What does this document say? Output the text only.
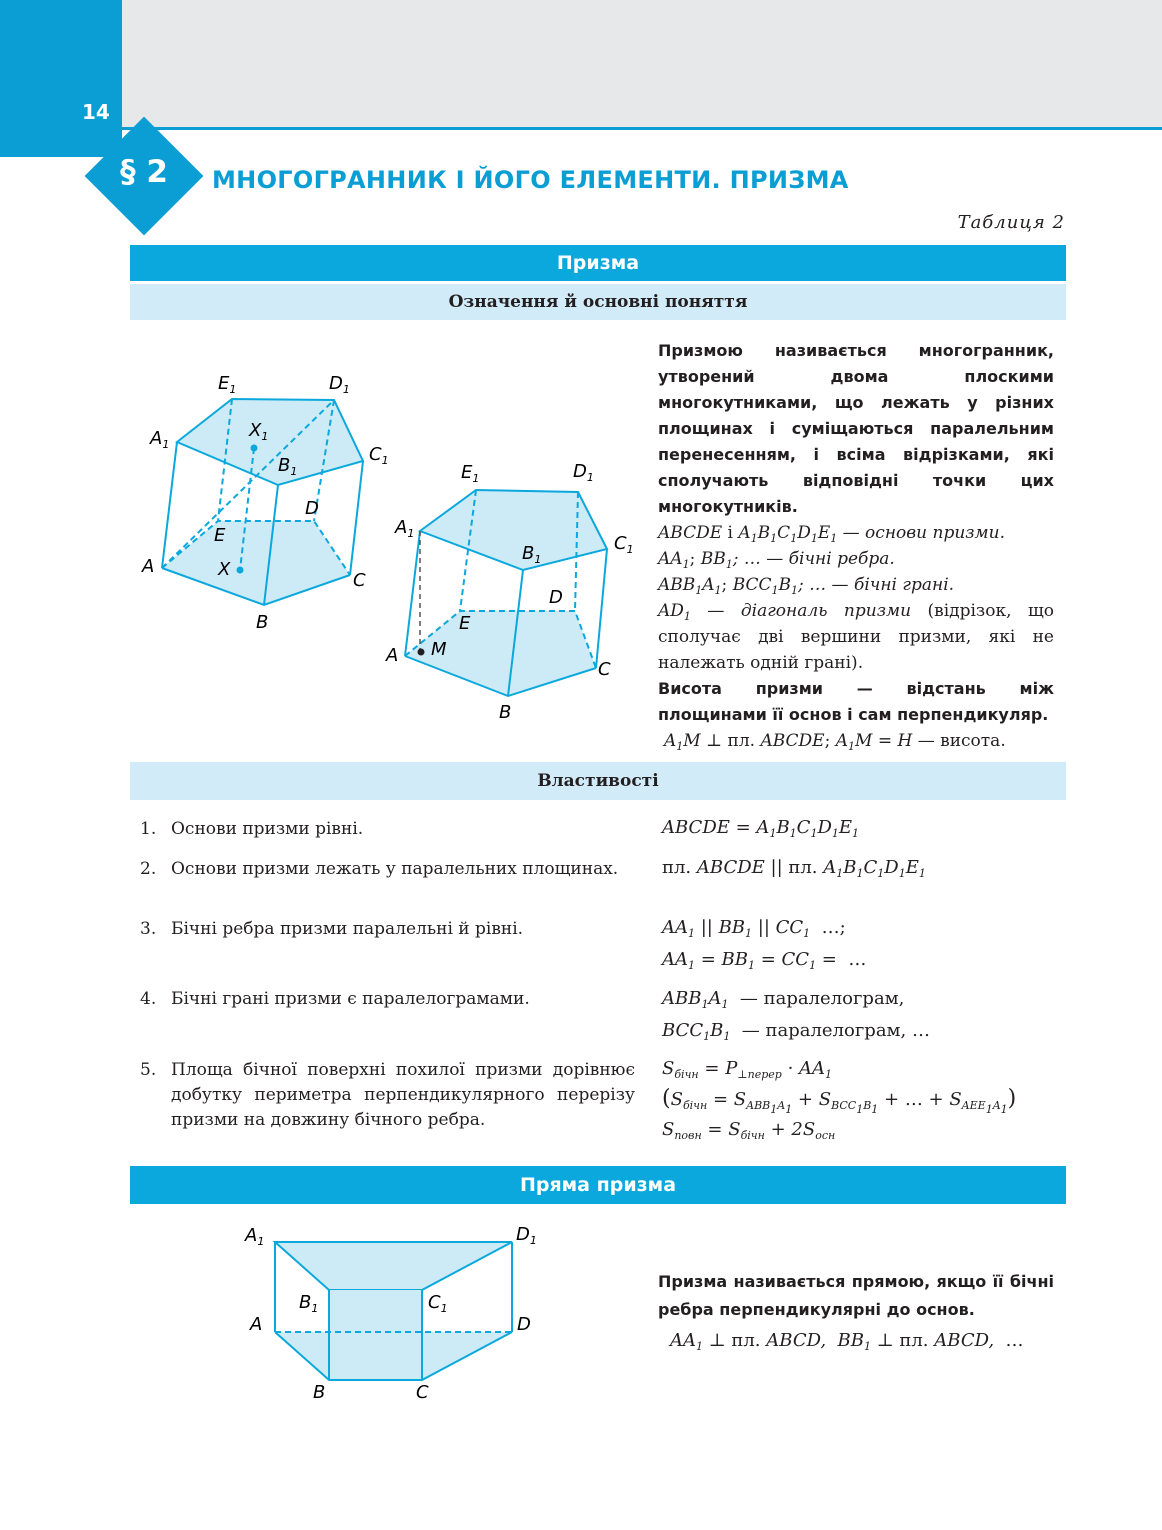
14
§ 2	МНОГОГРАННИК І ЙОГО ЕЛЕМЕНТИ. ПРИЗМА
Таблиця 2
Призма
Означення й основні поняття
$E_1$	$D_1$
$A_1$	$C_1$
$X_1$
$B_1$
D
E
A	X
C
B
$E_1$	$D_1$
$A_1$	$C_1$
$B_1$
D
E
A M
C
B

Призмою називається многогранник, утворений двома плоскими многокутниками, що лежать у різних площинах і суміщаються паралельним перенесенням, і всіма відрізками, які сполучають відповідні точки цих многокутників.

ABCDE і $A_1B_1C_1D_1E_1$ — основи призми.

$AA_1$; $BB_1$; … — бічні ребра.

$ABB_1A_1$; $BCC_1B_1$; … — бічні грані.

$AD_1$ — діагональ призми (відрізок, що сполучає дві вершини призми, які не належать одній грані).

Висота призми — відстань між площинами її основ і сам перпендикуляр.

$A_1M$ ⊥ пл. ABCDE; $A_1M = H$ — висота.

Властивості
1. Основи призми рівні.	ABCDE = $A_1B_1C_1D_1E_1$
2. Основи призми лежать у паралельних площинах.	пл. ABCDE || пл. $A_1B_1C_1D_1E_1$
3. Бічні ребра призми паралельні й рівні.	$AA_1$ || $BB_1$ || $CC_1$ …;
$AA_1 = BB_1 = CC_1$ =  …
4. Бічні грані призми є паралелограмами.	$ABB_1A_1$ — паралелограм,
$BCC_1B_1$ — паралелограм, …
5. Площа бічної поверхні похилої призми дорівнює добутку периметра перпендикулярного перерізу призми на довжину бічного ребра.
$S_{бічн} = P_{\perp перер} \cdot AA_1$
($S_{бічн} = S_{ABB_1A_1} + S_{BCC_1B_1}$ + … + $S_{AEE_1A_1}$)
$S_{повн} = S_{бічн} + 2S_{осн}$
Пряма призма
$A_1$	$D_1$
$B_1$	$C_1$
A	D
B	C
Призма називається прямою, якщо її бічні ребра перпендикулярні до основ.
$AA_1$ ⊥ пл. ABCD,  $BB_1$ ⊥ пл. ABCD,  …
